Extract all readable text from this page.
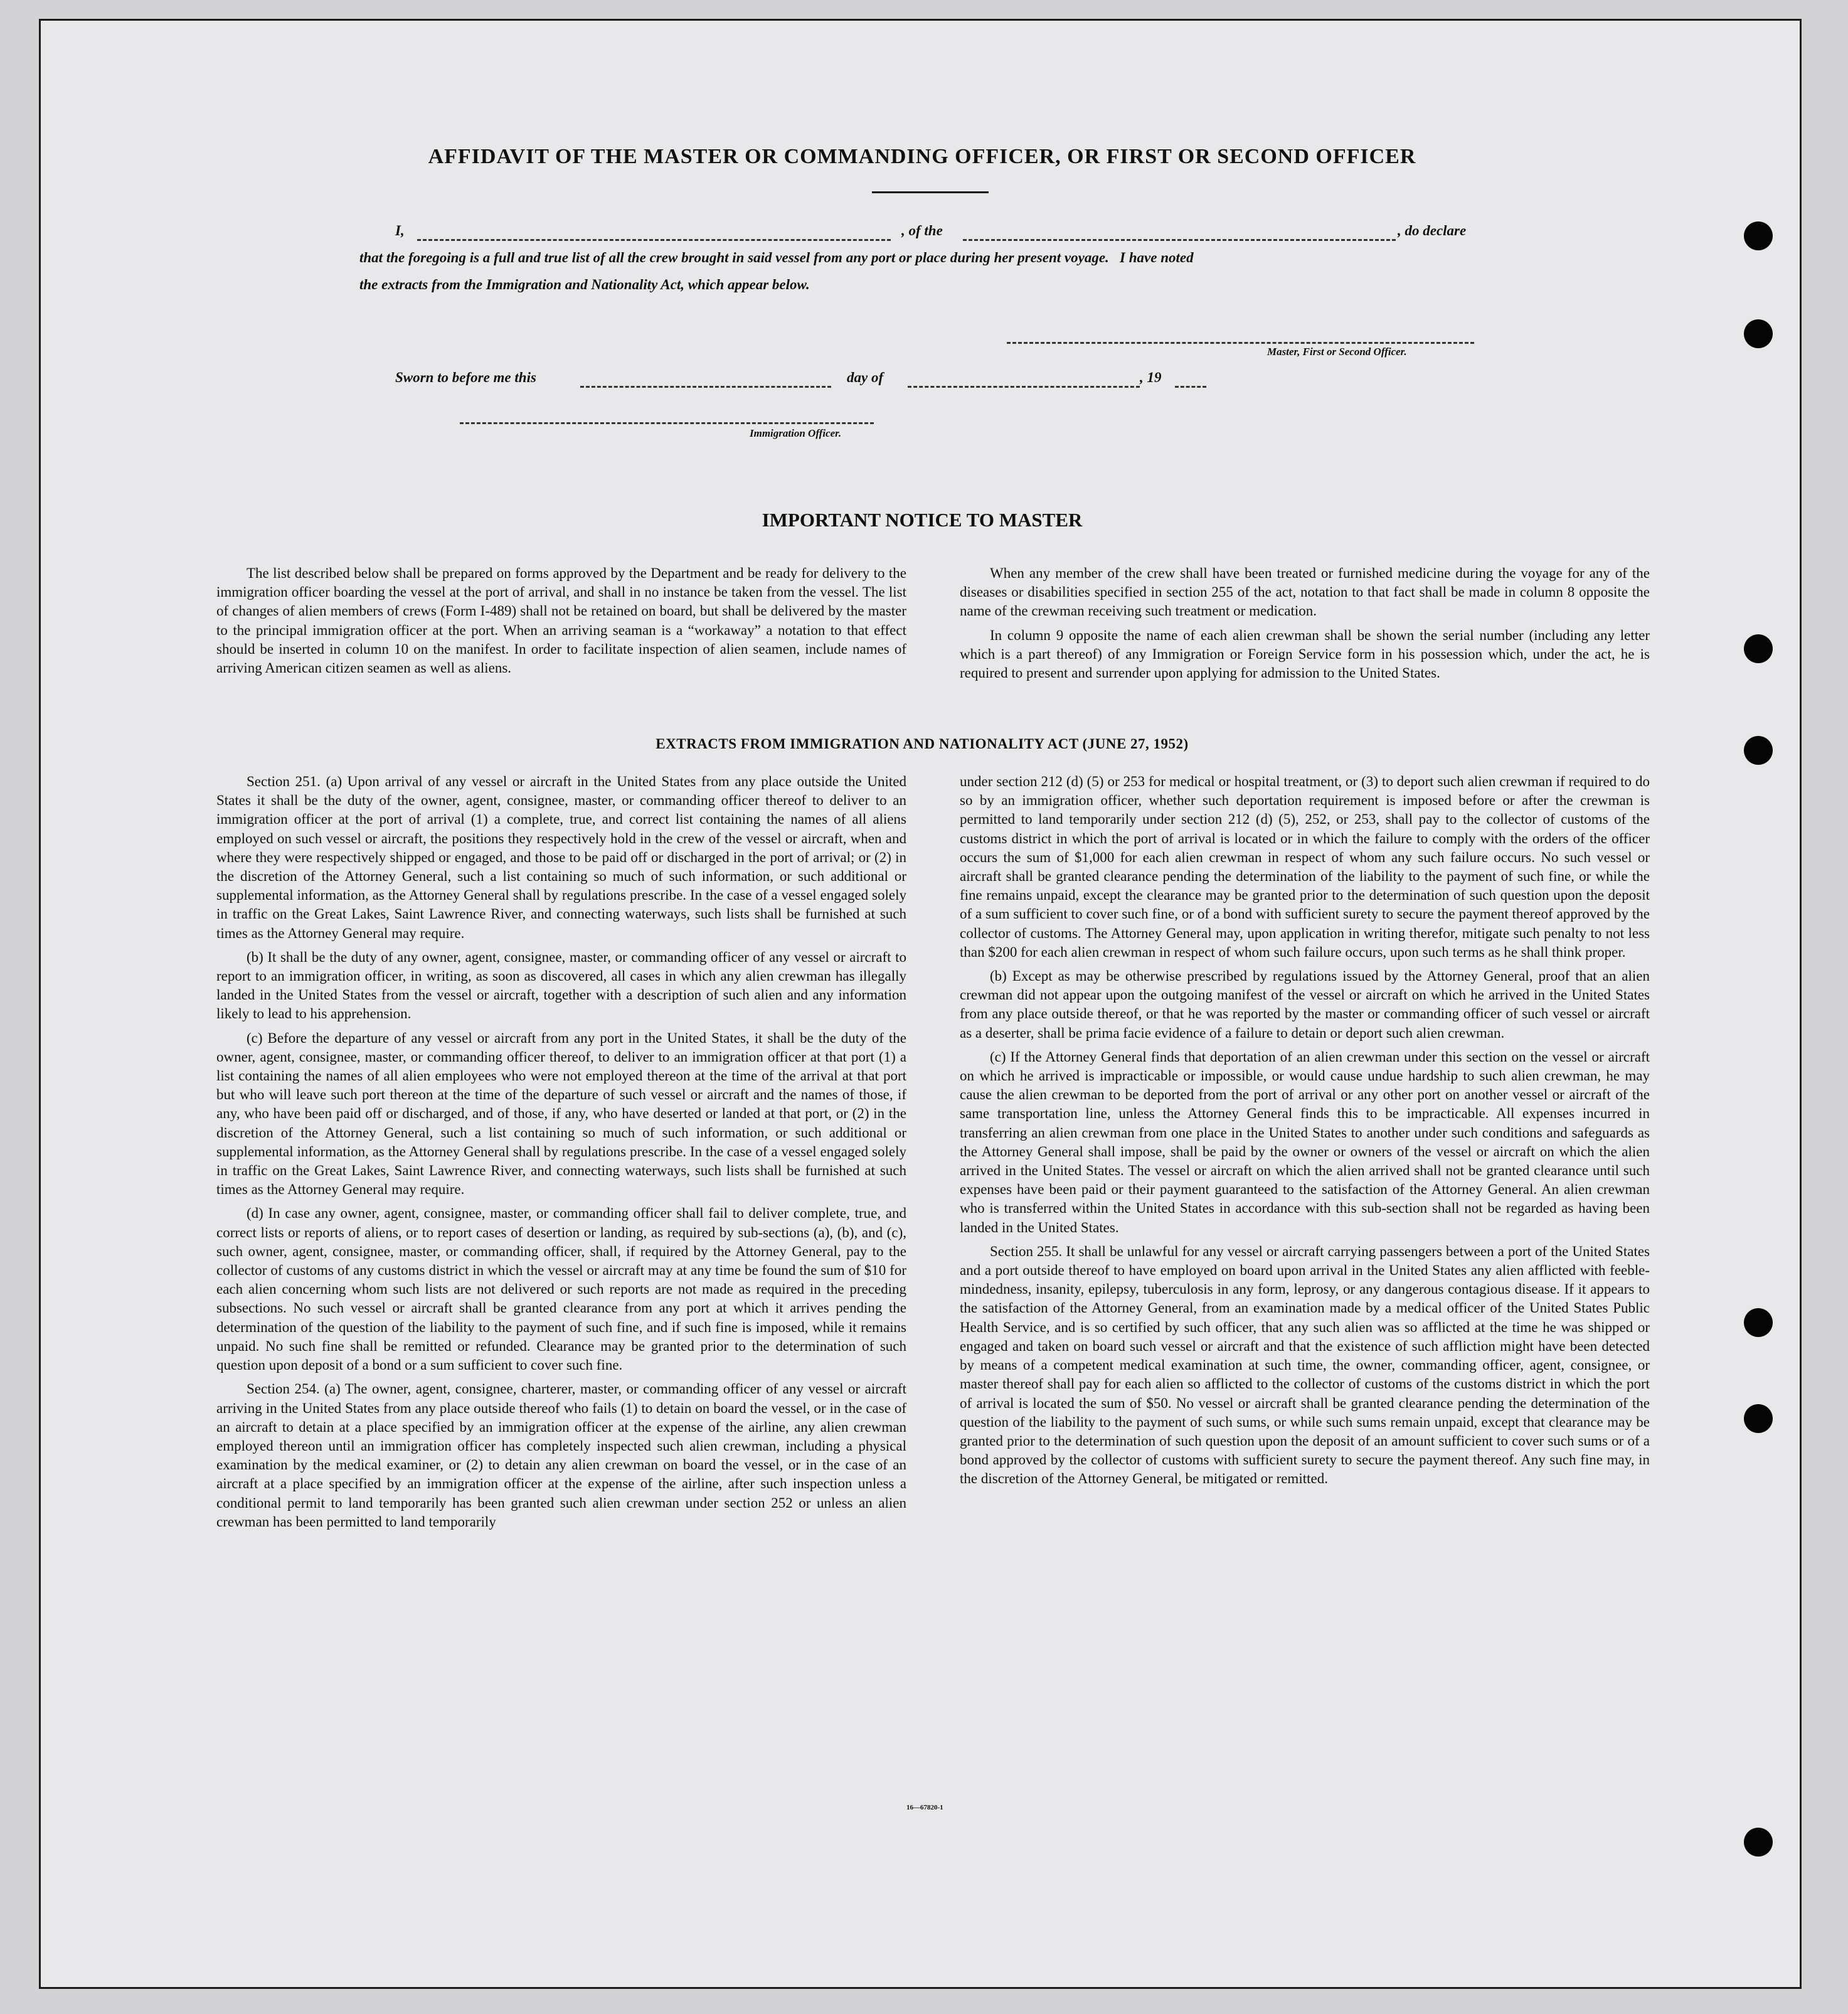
AFFIDAVIT OF THE MASTER OR COMMANDING OFFICER, OR FIRST OR SECOND OFFICER
I,	, of the	, do declare
that the foregoing is a full and true list of all the crew brought in said vessel from any port or place during her present voyage.   I have noted
the extracts from the Immigration and Nationality Act, which appear below.
Master, First or Second Officer.
Sworn to before me this	day of	, 19
Immigration Officer.
IMPORTANT NOTICE TO MASTER

The list described below shall be prepared on forms approved by the Department and be ready for delivery to the immigration officer boarding the vessel at the port of arrival, and shall in no instance be taken from the vessel. The list of changes of alien members of crews (Form I-489) shall not be retained on board, but shall be delivered by the master to the principal immigration officer at the port. When an arriving seaman is a “workaway” a notation to that effect should be inserted in column 10 on the manifest. In order to facilitate inspection of alien seamen, include names of arriving American citizen seamen as well as aliens.

When any member of the crew shall have been treated or furnished medicine during the voyage for any of the diseases or disabilities specified in section 255 of the act, notation to that fact shall be made in column 8 opposite the name of the crewman receiving such treatment or medication.

In column 9 opposite the name of each alien crewman shall be shown the serial number (including any letter which is a part thereof) of any Immigration or Foreign Service form in his possession which, under the act, he is required to present and surrender upon applying for admission to the United States.

EXTRACTS FROM IMMIGRATION AND NATIONALITY ACT (JUNE 27, 1952)

Section 251. (a) Upon arrival of any vessel or aircraft in the United States from any place outside the United States it shall be the duty of the owner, agent, consignee, master, or commanding officer thereof to deliver to an immigration officer at the port of arrival (1) a complete, true, and correct list containing the names of all aliens employed on such vessel or aircraft, the positions they respectively hold in the crew of the vessel or aircraft, when and where they were respectively shipped or engaged, and those to be paid off or discharged in the port of arrival; or (2) in the discretion of the Attorney General, such a list containing so much of such information, or such additional or supplemental information, as the Attorney General shall by regulations prescribe. In the case of a vessel engaged solely in traffic on the Great Lakes, Saint Lawrence River, and connecting waterways, such lists shall be furnished at such times as the Attorney General may require.

(b) It shall be the duty of any owner, agent, consignee, master, or commanding officer of any vessel or aircraft to report to an immigration officer, in writing, as soon as discovered, all cases in which any alien crewman has illegally landed in the United States from the vessel or aircraft, together with a description of such alien and any information likely to lead to his apprehension.

(c) Before the departure of any vessel or aircraft from any port in the United States, it shall be the duty of the owner, agent, consignee, master, or commanding officer thereof, to deliver to an immigration officer at that port (1) a list containing the names of all alien employees who were not employed thereon at the time of the arrival at that port but who will leave such port thereon at the time of the departure of such vessel or aircraft and the names of those, if any, who have been paid off or discharged, and of those, if any, who have deserted or landed at that port, or (2) in the discretion of the Attorney General, such a list containing so much of such information, or such additional or supplemental information, as the Attorney General shall by regulations prescribe. In the case of a vessel engaged solely in traffic on the Great Lakes, Saint Lawrence River, and connecting waterways, such lists shall be furnished at such times as the Attorney General may require.

(d) In case any owner, agent, consignee, master, or commanding officer shall fail to deliver complete, true, and correct lists or reports of aliens, or to report cases of desertion or landing, as required by sub-sections (a), (b), and (c), such owner, agent, consignee, master, or commanding officer, shall, if required by the Attorney General, pay to the collector of customs of any customs district in which the vessel or aircraft may at any time be found the sum of $10 for each alien concerning whom such lists are not delivered or such reports are not made as required in the preceding subsections. No such vessel or aircraft shall be granted clearance from any port at which it arrives pending the determination of the question of the liability to the payment of such fine, and if such fine is imposed, while it remains unpaid. No such fine shall be remitted or refunded. Clearance may be granted prior to the determination of such question upon deposit of a bond or a sum sufficient to cover such fine.

Section 254. (a) The owner, agent, consignee, charterer, master, or commanding officer of any vessel or aircraft arriving in the United States from any place outside thereof who fails (1) to detain on board the vessel, or in the case of an aircraft to detain at a place specified by an immigration officer at the expense of the airline, any alien crewman employed thereon until an immigration officer has completely inspected such alien crewman, including a physical examination by the medical examiner, or (2) to detain any alien crewman on board the vessel, or in the case of an aircraft at a place specified by an immigration officer at the expense of the airline, after such inspection unless a conditional permit to land temporarily has been granted such alien crewman under section 252 or unless an alien crewman has been permitted to land temporarily

under section 212 (d) (5) or 253 for medical or hospital treatment, or (3) to deport such alien crewman if required to do so by an immigration officer, whether such deportation requirement is imposed before or after the crewman is permitted to land temporarily under section 212 (d) (5), 252, or 253, shall pay to the collector of customs of the customs district in which the port of arrival is located or in which the failure to comply with the orders of the officer occurs the sum of $1,000 for each alien crewman in respect of whom any such failure occurs. No such vessel or aircraft shall be granted clearance pending the determination of the liability to the payment of such fine, or while the fine remains unpaid, except the clearance may be granted prior to the determination of such question upon the deposit of a sum sufficient to cover such fine, or of a bond with sufficient surety to secure the payment thereof approved by the collector of customs. The Attorney General may, upon application in writing therefor, mitigate such penalty to not less than $200 for each alien crewman in respect of whom such failure occurs, upon such terms as he shall think proper.

(b) Except as may be otherwise prescribed by regulations issued by the Attorney General, proof that an alien crewman did not appear upon the outgoing manifest of the vessel or aircraft on which he arrived in the United States from any place outside thereof, or that he was reported by the master or commanding officer of such vessel or aircraft as a deserter, shall be prima facie evidence of a failure to detain or deport such alien crewman.

(c) If the Attorney General finds that deportation of an alien crewman under this section on the vessel or aircraft on which he arrived is impracticable or impossible, or would cause undue hardship to such alien crewman, he may cause the alien crewman to be deported from the port of arrival or any other port on another vessel or aircraft of the same transportation line, unless the Attorney General finds this to be impracticable. All expenses incurred in transferring an alien crewman from one place in the United States to another under such conditions and safeguards as the Attorney General shall impose, shall be paid by the owner or owners of the vessel or aircraft on which the alien arrived in the United States. The vessel or aircraft on which the alien arrived shall not be granted clearance until such expenses have been paid or their payment guaranteed to the satisfaction of the Attorney General. An alien crewman who is transferred within the United States in accordance with this sub-section shall not be regarded as having been landed in the United States.

Section 255. It shall be unlawful for any vessel or aircraft carrying passengers between a port of the United States and a port outside thereof to have employed on board upon arrival in the United States any alien afflicted with feeble-mindedness, insanity, epilepsy, tuberculosis in any form, leprosy, or any dangerous contagious disease. If it appears to the satisfaction of the Attorney General, from an examination made by a medical officer of the United States Public Health Service, and is so certified by such officer, that any such alien was so afflicted at the time he was shipped or engaged and taken on board such vessel or aircraft and that the existence of such affliction might have been detected by means of a competent medical examination at such time, the owner, commanding officer, agent, consignee, or master thereof shall pay for each alien so afflicted to the collector of customs of the customs district in which the port of arrival is located the sum of $50. No vessel or aircraft shall be granted clearance pending the determination of the question of the liability to the payment of such sums, or while such sums remain unpaid, except that clearance may be granted prior to the determination of such question upon the deposit of an amount sufficient to cover such sums or of a bond approved by the collector of customs with sufficient surety to secure the payment thereof. Any such fine may, in the discretion of the Attorney General, be mitigated or remitted.

16—67820-1
